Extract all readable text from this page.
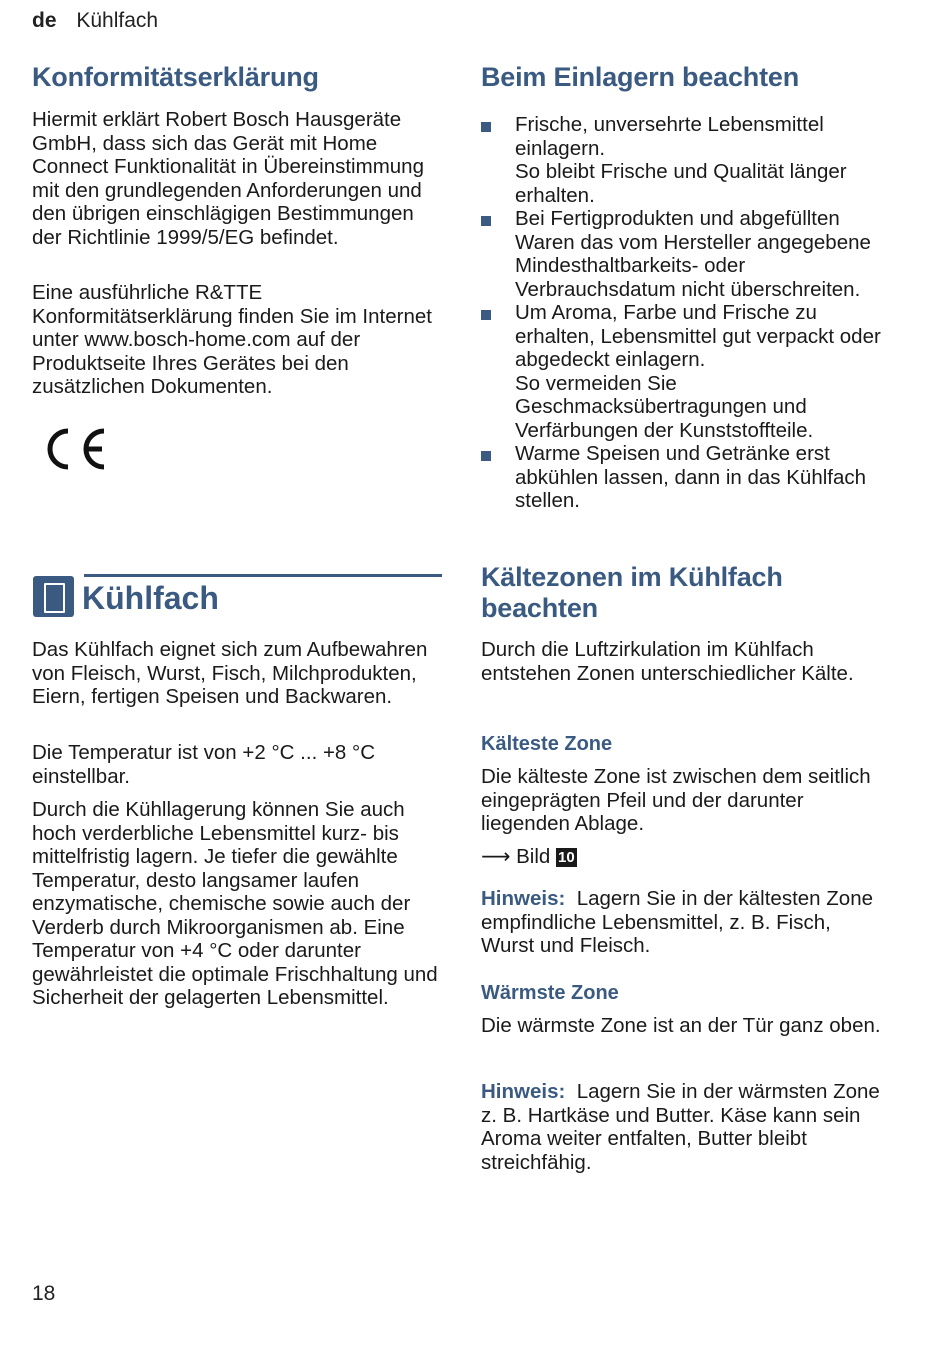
de Kühlfach
Konformitätserklärung

Hiermit erklärt Robert Bosch Hausgeräte GmbH, dass sich das Gerät mit Home Connect Funktionalität in Übereinstimmung mit den grundlegenden Anforderungen und den übrigen einschlägigen Bestimmungen der Richtlinie 1999/5/EG befindet.

Eine ausführliche R&TTE Konformitätserklärung finden Sie im Internet unter www.bosch-home.com auf der Produktseite Ihres Gerätes bei den zusätzlichen Dokumenten.

Kühlfach

Das Kühlfach eignet sich zum Aufbewahren von Fleisch, Wurst, Fisch, Milchprodukten, Eiern, fertigen Speisen und Backwaren.

Die Temperatur ist von +2 °C ... +8 °C einstellbar.

Durch die Kühllagerung können Sie auch hoch verderbliche Lebensmittel kurz- bis mittelfristig lagern. Je tiefer die gewählte Temperatur, desto langsamer laufen enzymatische, chemische sowie auch der Verderb durch Mikroorganismen ab. Eine Temperatur von +4 °C oder darunter gewährleistet die optimale Frischhaltung und Sicherheit der gelagerten Lebensmittel.

Beim Einlagern beachten
Frische, unversehrte Lebensmittel einlagern.
So bleibt Frische und Qualität länger erhalten.
Bei Fertigprodukten und abgefüllten Waren das vom Hersteller angegebene Mindesthaltbarkeits- oder Verbrauchsdatum nicht überschreiten.
Um Aroma, Farbe und Frische zu erhalten, Lebensmittel gut verpackt oder abgedeckt einlagern.
So vermeiden Sie Geschmacksübertragungen und Verfärbungen der Kunststoffteile.
Warme Speisen und Getränke erst abkühlen lassen, dann in das Kühlfach stellen.
Kältezonen im Kühlfach beachten

Durch die Luftzirkulation im Kühlfach entstehen Zonen unterschiedlicher Kälte.

Kälteste Zone

Die kälteste Zone ist zwischen dem seitlich eingeprägten Pfeil und der darunter liegenden Ablage.

⟶ Bild 10

Hinweis: Lagern Sie in der kältesten Zone empfindliche Lebensmittel, z. B. Fisch, Wurst und Fleisch.

Wärmste Zone

Die wärmste Zone ist an der Tür ganz oben.

Hinweis: Lagern Sie in der wärmsten Zone z. B. Hartkäse und Butter. Käse kann sein Aroma weiter entfalten, Butter bleibt streichfähig.

18
